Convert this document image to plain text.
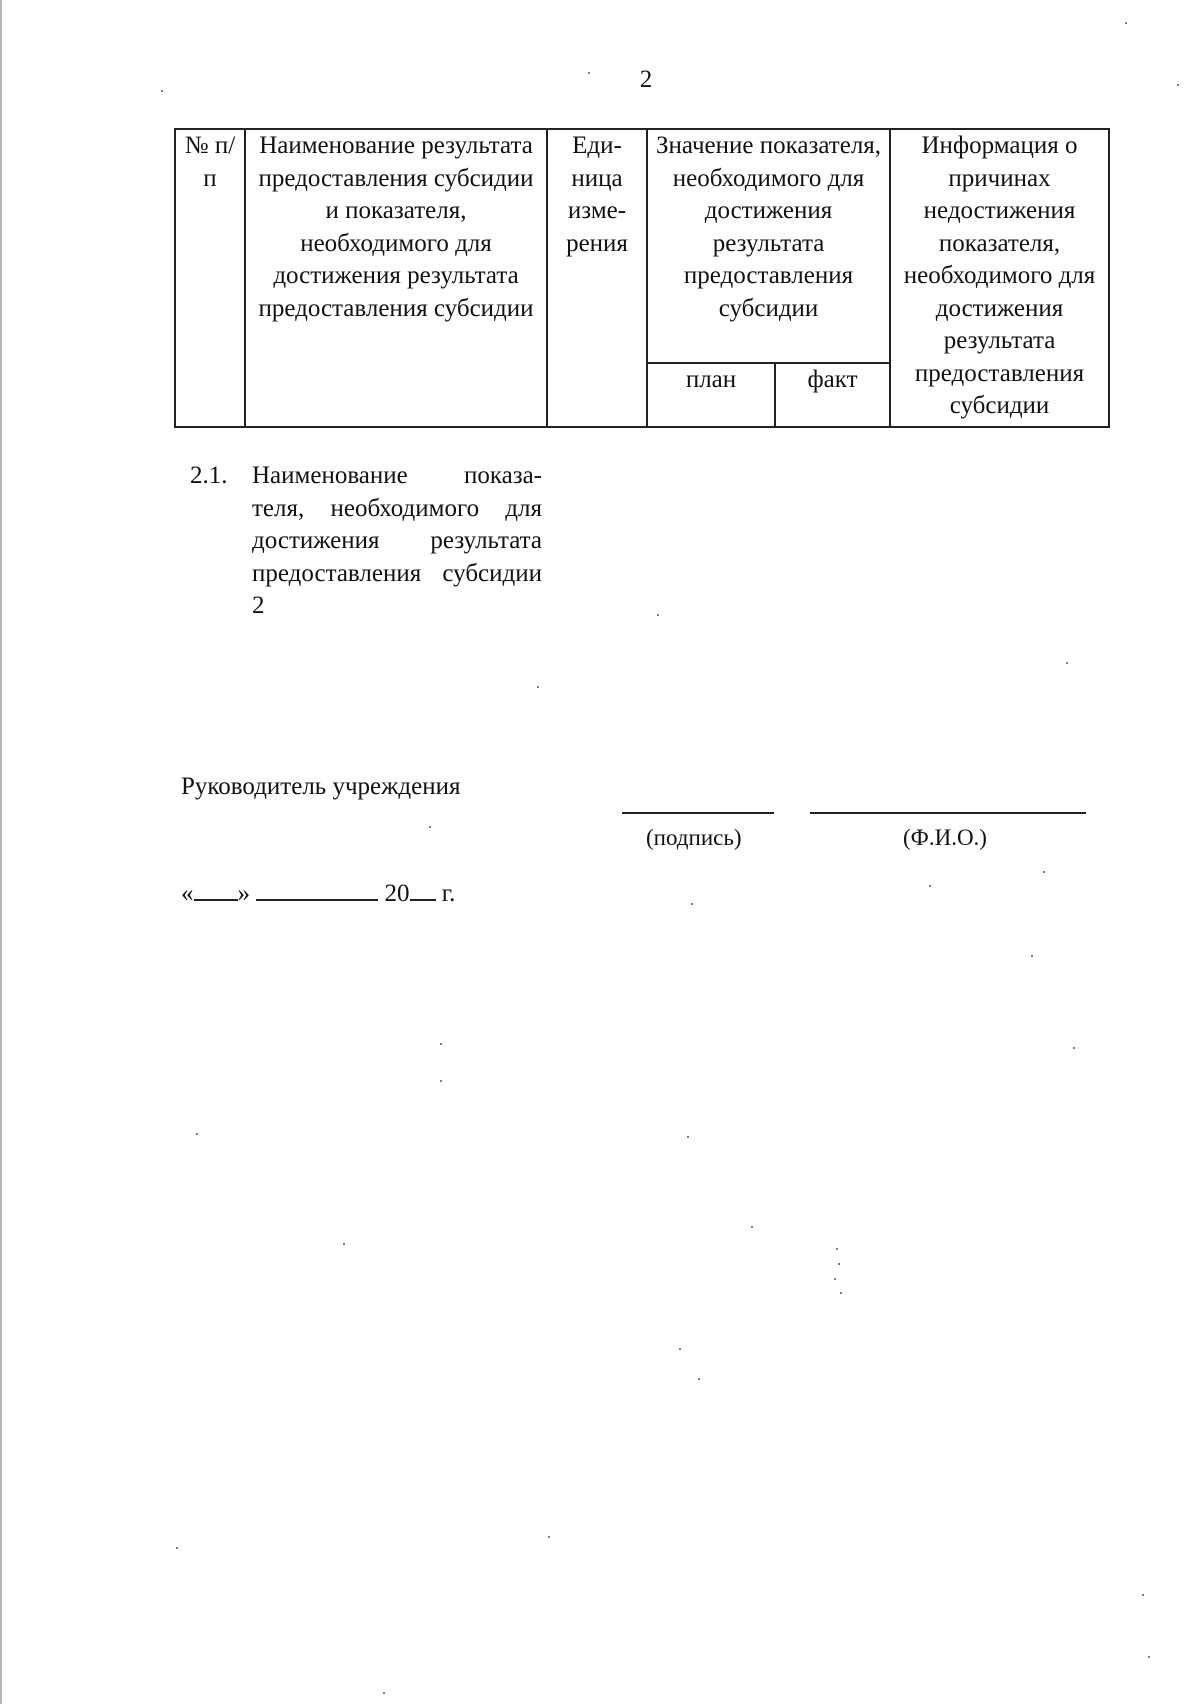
2
№ п/п	Наименование результата предоставления субсидии и показателя, необходимого для достижения результата предоставления субсидии	Еди- ница изме- рения	Значение показателя, необходимого для достижения результата предоставления субсидии		Информация о причинах недостижения показателя, необходимого для достижения результата предоставления субсидии
			план	факт	
2.1. Наименование показа- теля, необходимого для достижения результата предоставления субсидии 2
Руководитель учреждения
(подпись)	(Ф.И.О.)
« »	20 г.
